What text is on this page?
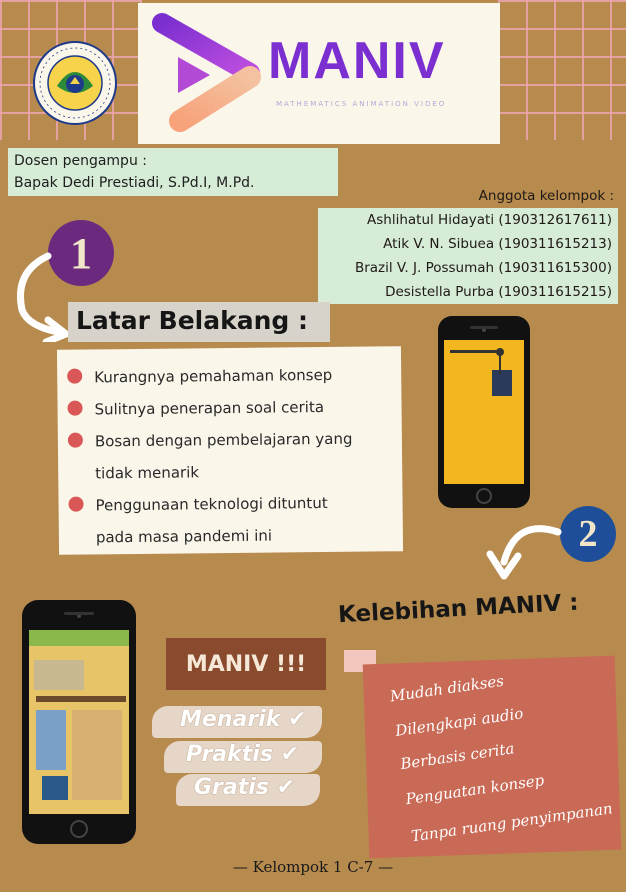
MANIV
MATHEMATICS ANIMATION VIDEO
Dosen pengampu :
Bapak Dedi Prestiadi, S.Pd.I, M.Pd.
Anggota kelompok :
Ashlihatul Hidayati (190312617611)
Atik V. N. Sibuea (190311615213)
Brazil V. J. Possumah (190311615300)
Desistella Purba (190311615215)
1
Latar Belakang :
Kurangnya pemahaman konsep
Sulitnya penerapan soal cerita
Bosan dengan pembelajaran yang
tidak menarik
Penggunaan teknologi dituntut
pada masa pandemi ini	2
Kelebihan MANIV :
Mudah diakses
Dilengkapi audio
Berbasis cerita
Penguatan konsep
Tanpa ruang penyimpanan
MANIV !!!
Menarik ✔
Praktis ✔
Gratis ✔
— Kelompok 1 C-7 —
